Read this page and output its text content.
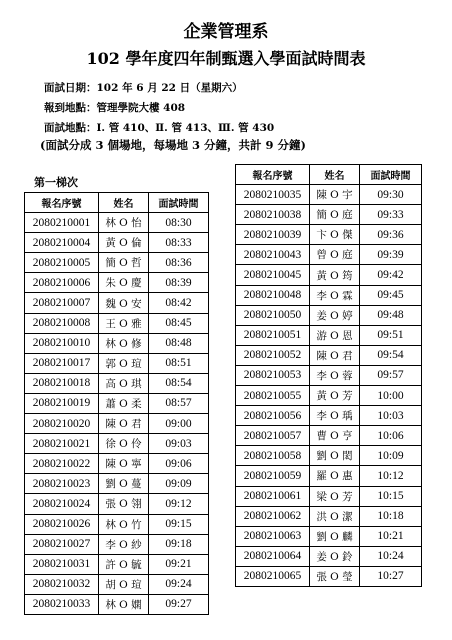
企業管理系
102 學年度四年制甄選入學面試時間表
面試日期：102 年 6 月 22 日（星期六）
報到地點：管理學院大樓 408
面試地點：Ⅰ. 管 410、Ⅱ. 管 413、Ⅲ. 管 430
(面試分成 3 個場地，每場地 3 分鐘，共計 9 分鐘)
第一梯次
報名序號	姓名	面試時間
2080210001	林 O 怡	08:30
2080210004	黃 O 倫	08:33
2080210005	簡 O 哲	08:36
2080210006	朱 O 慶	08:39
2080210007	魏 O 安	08:42
2080210008	王 O 雅	08:45
2080210010	林 O 修	08:48
2080210017	郭 O 瑄	08:51
2080210018	高 O 琪	08:54
2080210019	蕭 O 柔	08:57
2080210020	陳 O 君	09:00
2080210021	徐 O 伶	09:03
2080210022	陳 O 寧	09:06
2080210023	劉 O 蔓	09:09
2080210024	張 O 翎	09:12
2080210026	林 O 竹	09:15
2080210027	李 O 紗	09:18
2080210031	許 O 毓	09:21
2080210032	胡 O 瑄	09:24
2080210033	林 O 嫻	09:27
報名序號	姓名	面試時間
2080210035	陳 O 宇	09:30
2080210038	簡 O 庭	09:33
2080210039	卞 O 傑	09:36
2080210043	曾 O 庭	09:39
2080210045	黃 O 筠	09:42
2080210048	李 O 霖	09:45
2080210050	姜 O 婷	09:48
2080210051	游 O 恩	09:51
2080210052	陳 O 君	09:54
2080210053	李 O 蓉	09:57
2080210055	黃 O 芳	10:00
2080210056	李 O 瑀	10:03
2080210057	曹 O 亨	10:06
2080210058	劉 O 閎	10:09
2080210059	羅 O 惠	10:12
2080210061	梁 O 芳	10:15
2080210062	洪 O 潔	10:18
2080210063	劉 O 麟	10:21
2080210064	姜 O 鈴	10:24
2080210065	張 O 瑩	10:27
